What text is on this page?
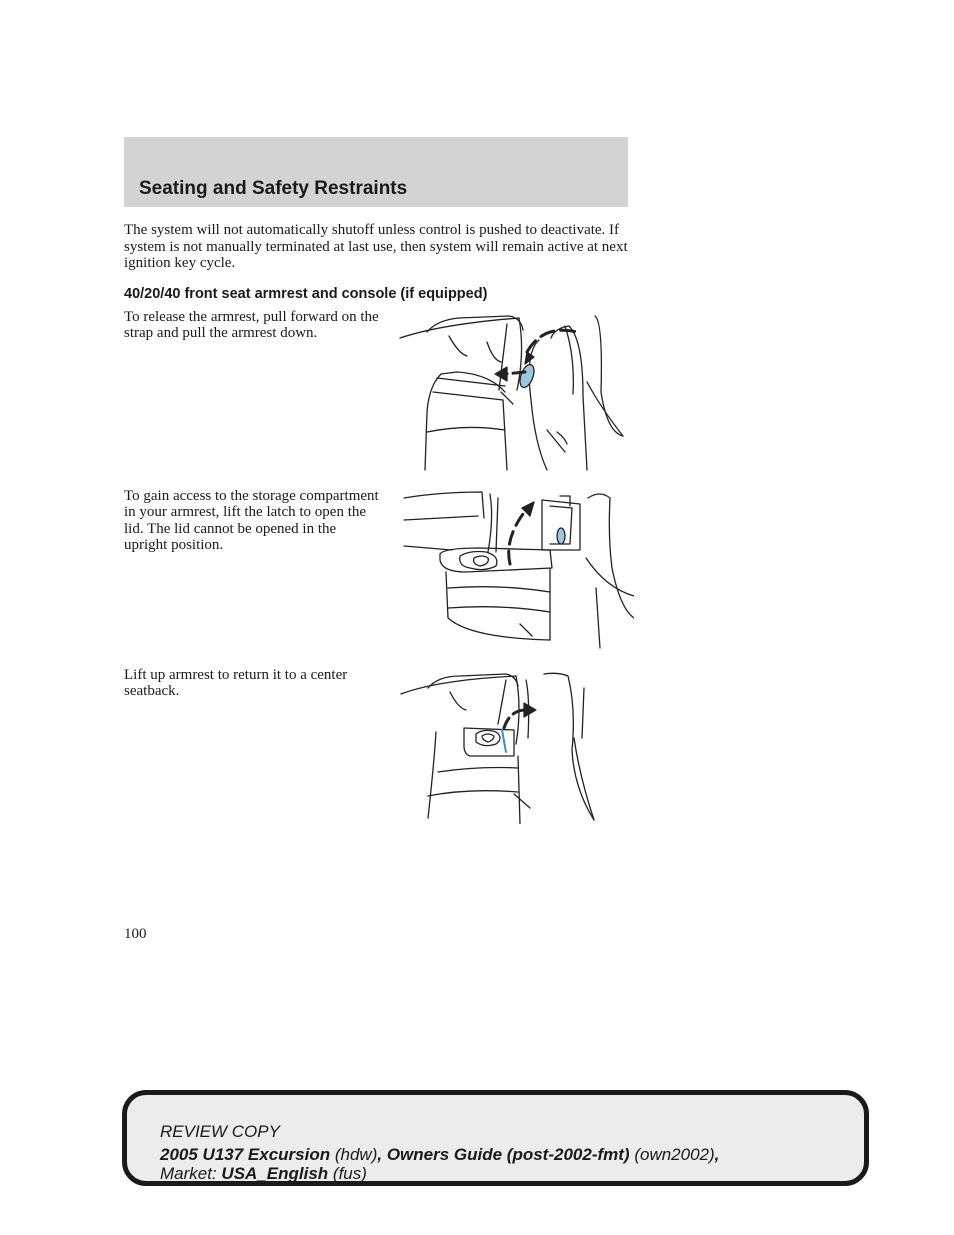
Seating and Safety Restraints

The system will not automatically shutoff unless control is pushed to deactivate. If system is not manually terminated at last use, then system will remain active at next ignition key cycle.

40/20/40 front seat armrest and console (if equipped)

To release the armrest, pull forward on the strap and pull the armrest down.

To gain access to the storage compartment in your armrest, lift the latch to open the lid. The lid cannot be opened in the upright position.

Lift up armrest to return it to a center seatback.

100

REVIEW COPY

2005 U137 Excursion (hdw), Owners Guide (post-2002-fmt) (own2002),

Market: USA_English (fus)
